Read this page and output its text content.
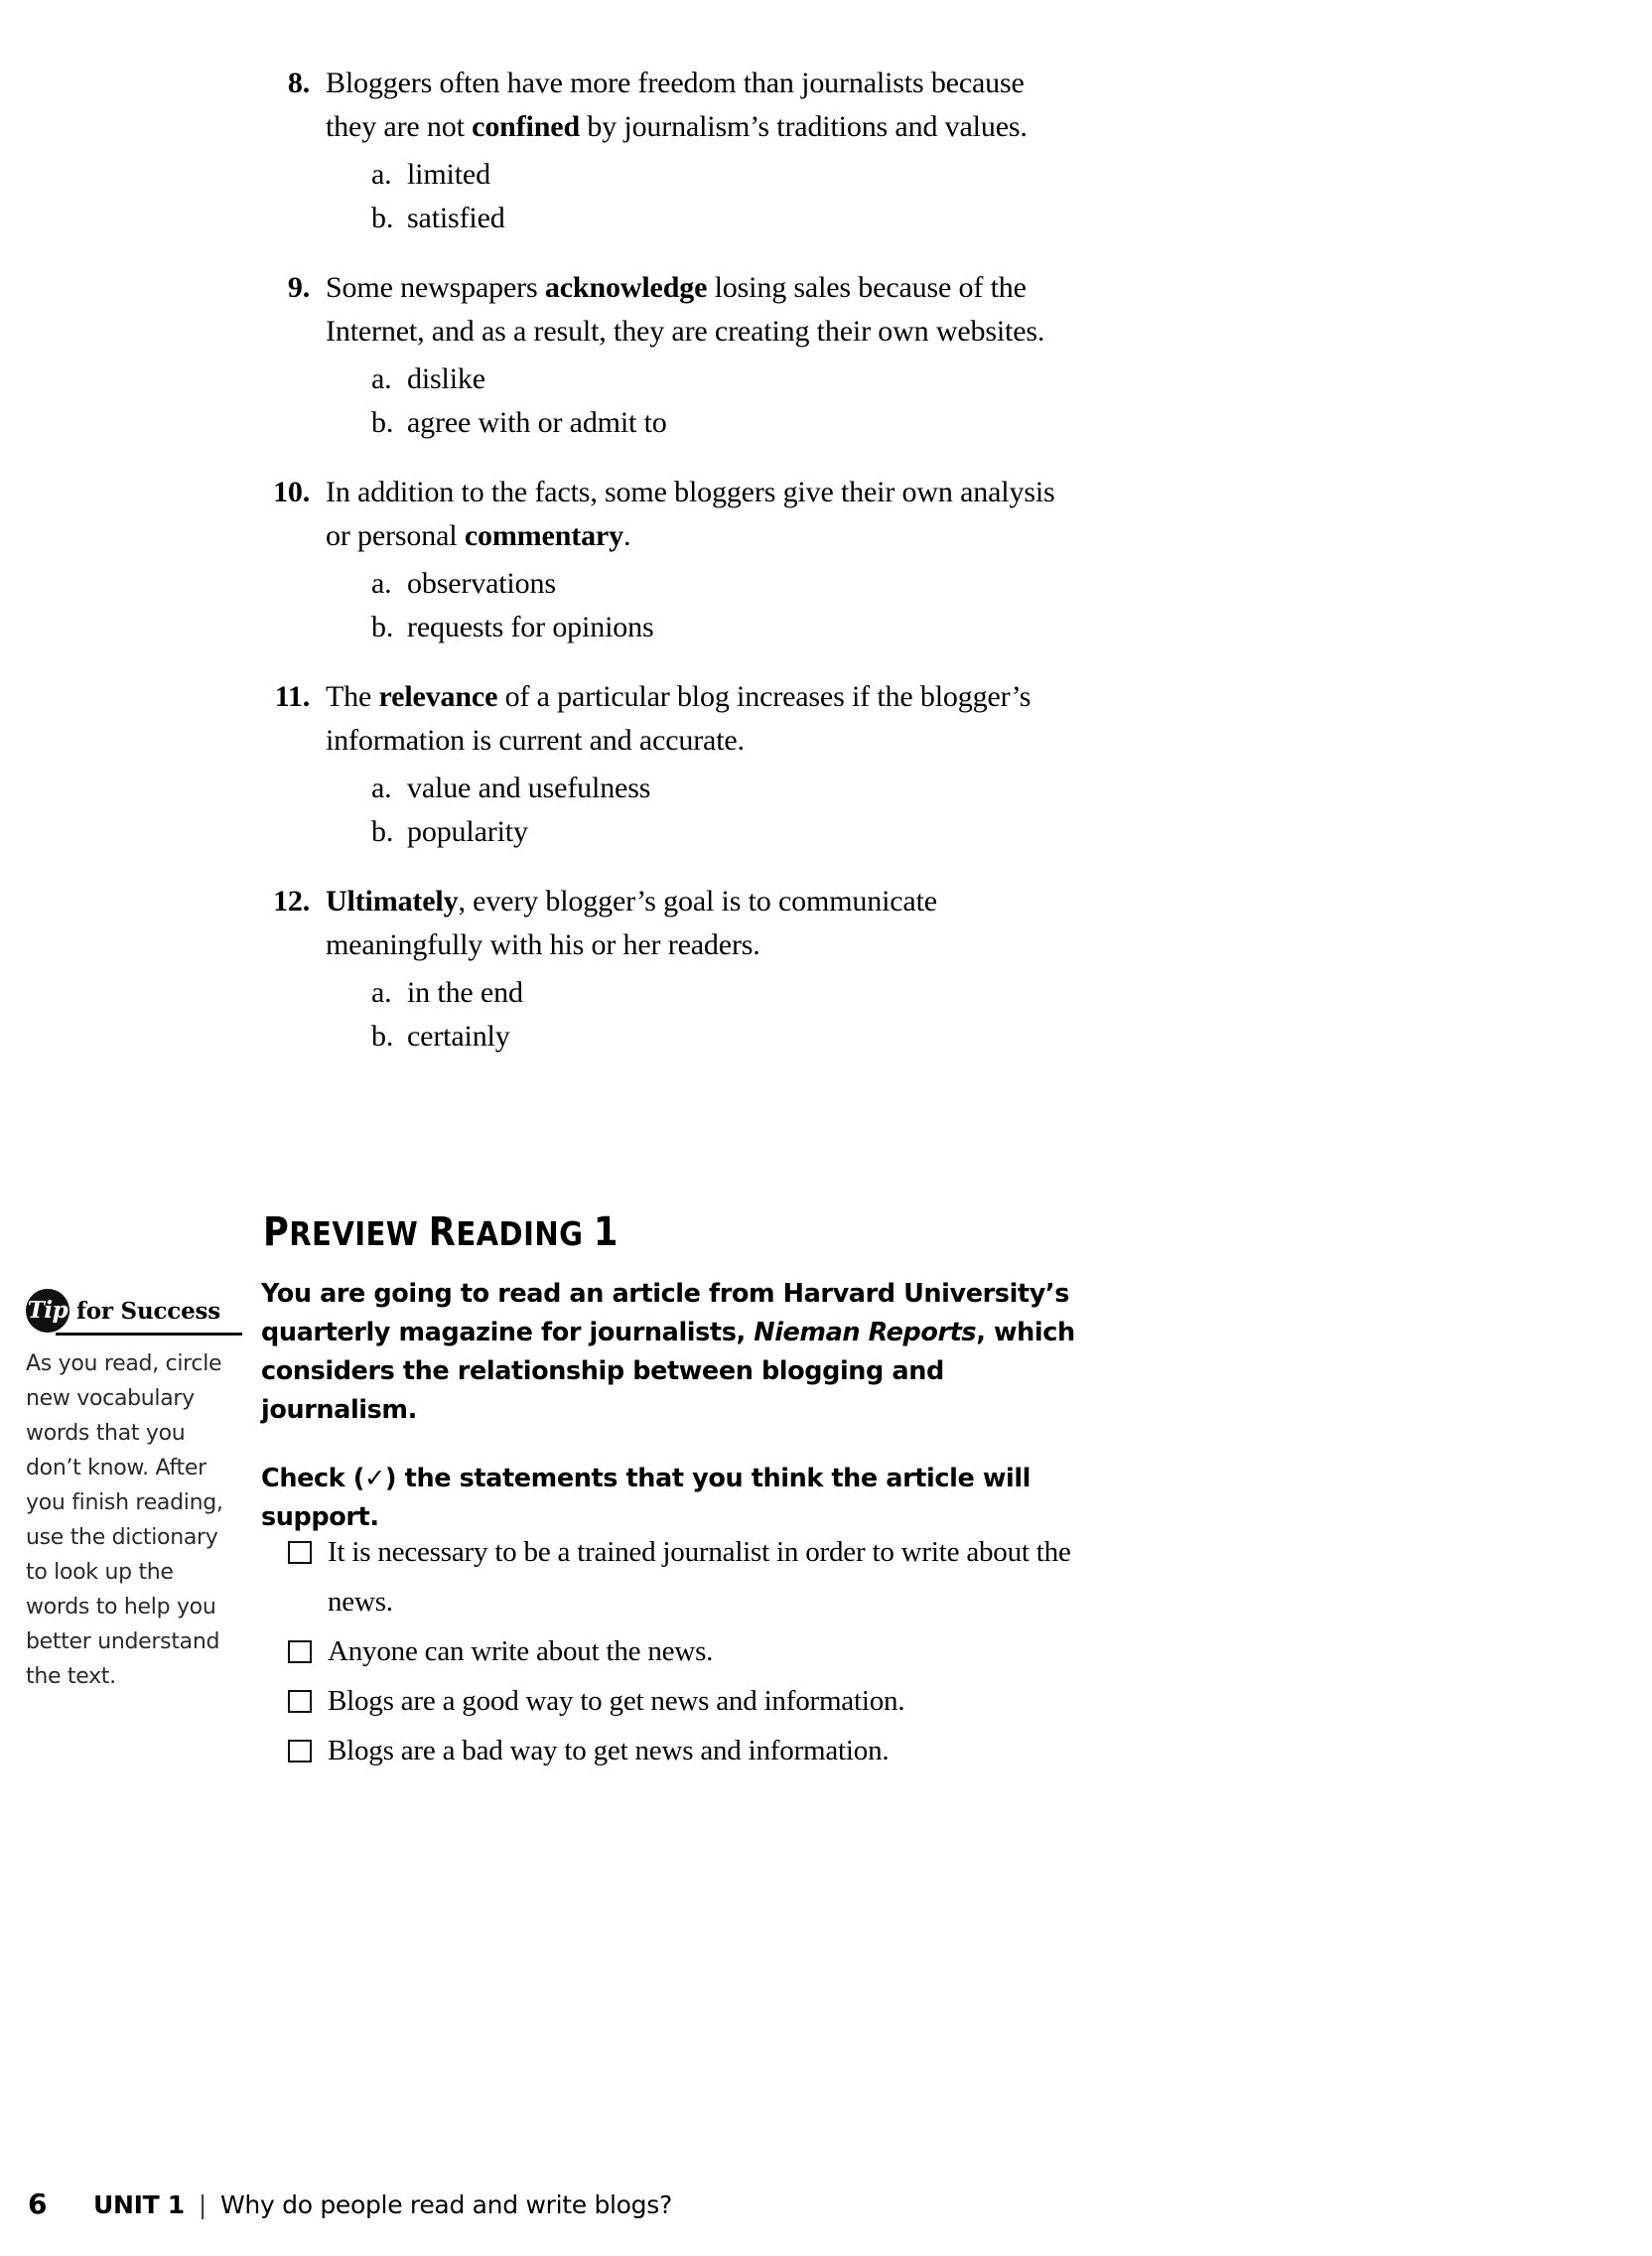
8. Bloggers often have more freedom than journalists because they are not confined by journalism’s traditions and values.
a. limited
b. satisfied
9. Some newspapers acknowledge losing sales because of the Internet, and as a result, they are creating their own websites.
a. dislike
b. agree with or admit to
10. In addition to the facts, some bloggers give their own analysis or personal commentary.
a. observations
b. requests for opinions
11. The relevance of a particular blog increases if the blogger’s information is current and accurate.
a. value and usefulness
b. popularity
12. Ultimately, every blogger’s goal is to communicate meaningfully with his or her readers.
a. in the end
b. certainly
PREVIEW READING 1
You are going to read an article from Harvard University’s quarterly magazine for journalists, Nieman Reports, which considers the relationship between blogging and journalism.
Check (✓) the statements that you think the article will support.
It is necessary to be a trained journalist in order to write about the news.
Anyone can write about the news.
Blogs are a good way to get news and information.
Blogs are a bad way to get news and information.
Tip for Success
As you read, circle new vocabulary words that you don’t know. After you finish reading, use the dictionary to look up the words to help you better understand the text.
6	UNIT 1 | Why do people read and write blogs?
